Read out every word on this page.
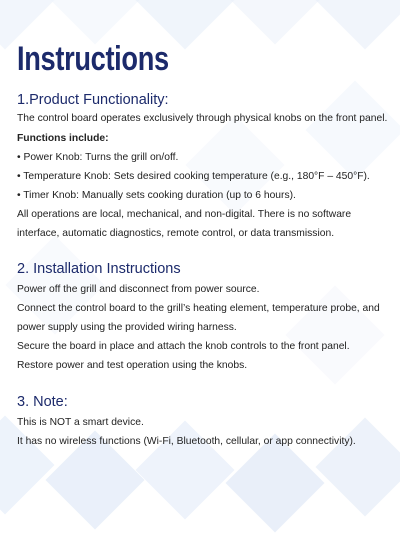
Instructions
1.Product Functionality:

The control board operates exclusively through physical knobs on the front panel.

Functions include:

• Power Knob: Turns the grill on/off.

• Temperature Knob: Sets desired cooking temperature (e.g., 180°F – 450°F).

• Timer Knob: Manually sets cooking duration (up to 6 hours).

All operations are local, mechanical, and non-digital. There is no software

interface, automatic diagnostics, remote control, or data transmission.

2. Installation Instructions

Power off the grill and disconnect from power source.

Connect the control board to the grill’s heating element, temperature probe, and

power supply using the provided wiring harness.

Secure the board in place and attach the knob controls to the front panel.

Restore power and test operation using the knobs.

3. Note:

This is NOT a smart device.

It has no wireless functions (Wi-Fi, Bluetooth, cellular, or app connectivity).
